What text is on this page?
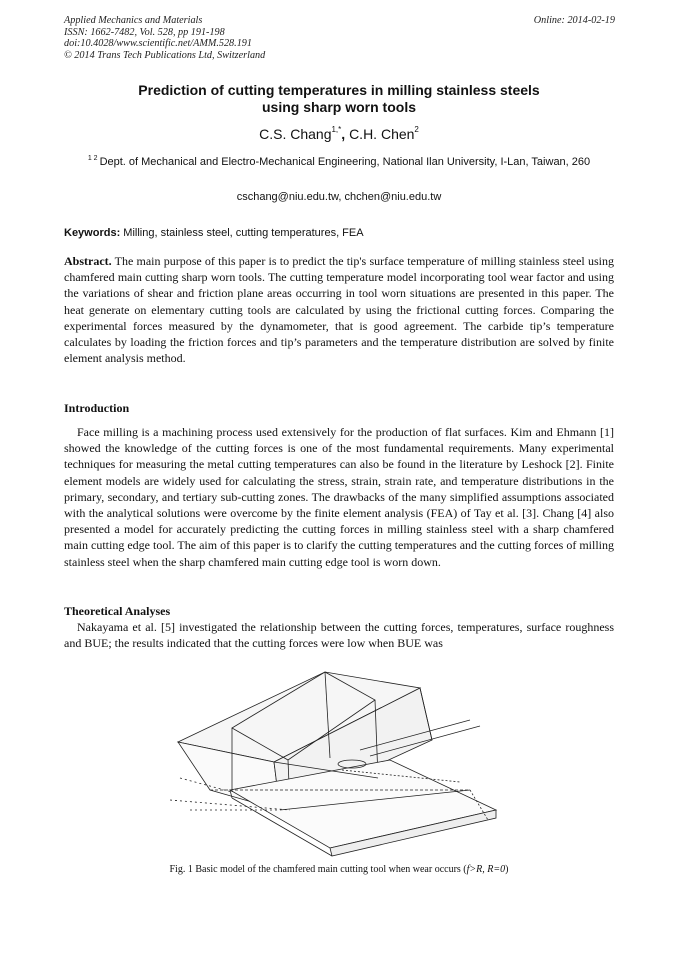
Applied Mechanics and Materials
ISSN: 1662-7482, Vol. 528, pp 191-198
doi:10.4028/www.scientific.net/AMM.528.191
© 2014 Trans Tech Publications Ltd, Switzerland
Online: 2014-02-19
Prediction of cutting temperatures in milling stainless steels
using sharp worn tools
C.S. Chang$^{1,*}$, C.H. Chen$^2$
$^{1 2}$ Dept. of Mechanical and Electro-Mechanical Engineering, National Ilan University, I-Lan, Taiwan, 260
cschang@niu.edu.tw, chchen@niu.edu.tw
Keywords: Milling, stainless steel, cutting temperatures, FEA
Abstract. The main purpose of this paper is to predict the tip's surface temperature of milling stainless steel using chamfered main cutting sharp worn tools. The cutting temperature model incorporating tool wear factor and using the variations of shear and friction plane areas occurring in tool worn situations are presented in this paper. The heat generate on elementary cutting tools are calculated by using the frictional cutting forces. Comparing the experimental forces measured by the dynamometer, that is good agreement. The carbide tip’s temperature calculates by loading the friction forces and tip’s parameters and the temperature distribution are solved by finite element analysis method.
Introduction
Face milling is a machining process used extensively for the production of flat surfaces. Kim and Ehmann [1] showed the knowledge of the cutting forces is one of the most fundamental requirements. Many experimental techniques for measuring the metal cutting temperatures can also be found in the literature by Leshock [2]. Finite element models are widely used for calculating the stress, strain, strain rate, and temperature distributions in the primary, secondary, and tertiary sub-cutting zones. The drawbacks of the many simplified assumptions associated with the analytical solutions were overcome by the finite element analysis (FEA) of Tay et al. [3]. Chang [4] also presented a model for accurately predicting the cutting forces in milling stainless steel with a sharp chamfered main cutting edge tool. The aim of this paper is to clarify the cutting temperatures and the cutting forces of milling stainless steel when the sharp chamfered main cutting edge tool is worn down.
Theoretical Analyses
Nakayama et al. [5] investigated the relationship between the cutting forces, temperatures, surface roughness and BUE; the results indicated that the cutting forces were low when BUE was
Fig. 1 Basic model of the chamfered main cutting tool when wear occurs (f>R, R=0)
